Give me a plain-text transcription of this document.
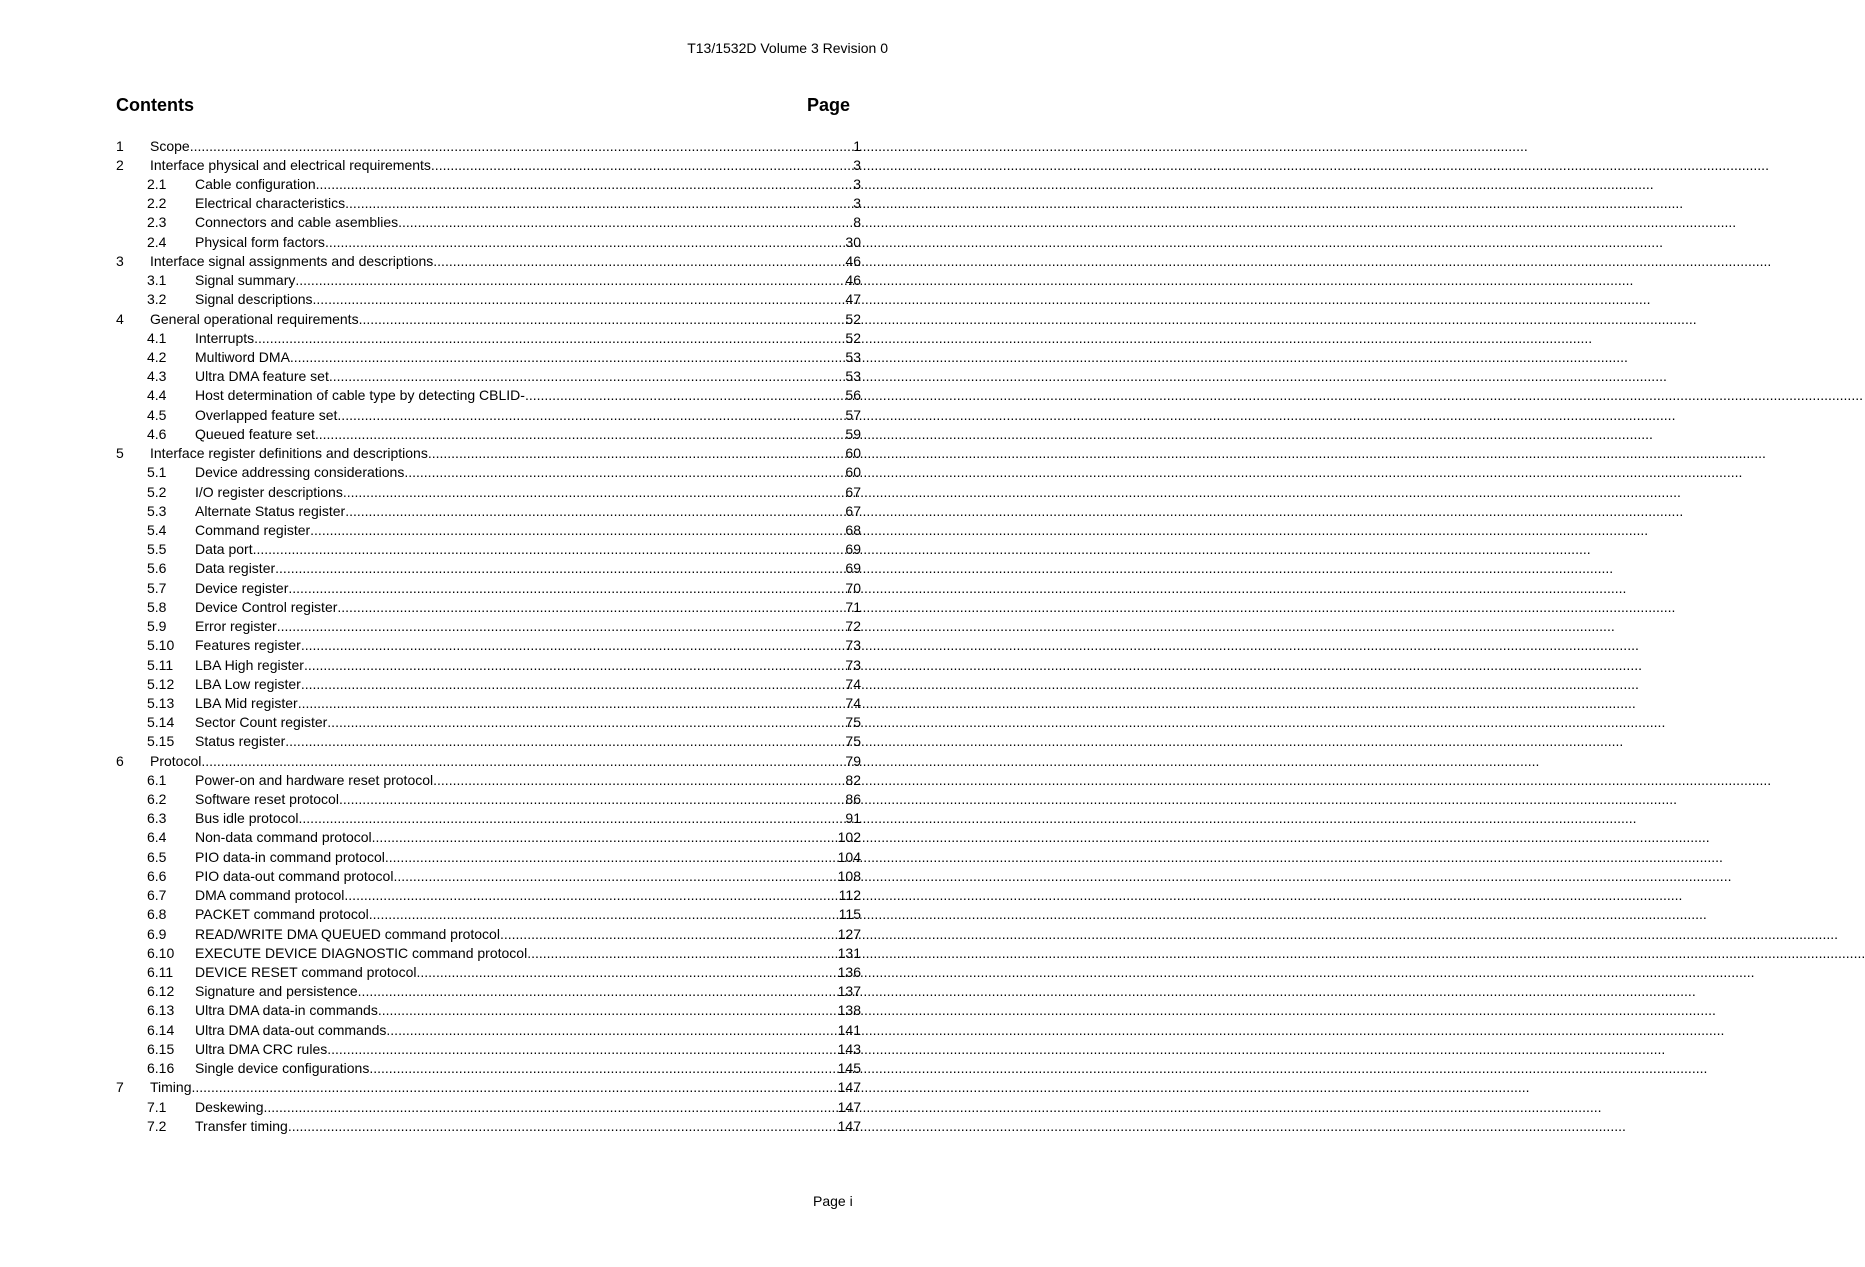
T13/1532D Volume 3 Revision 0
Contents	Page
1	Scope .....	1
2	Interface physical and electrical requirements .....	3
2.1	Cable configuration .....	3
2.2	Electrical characteristics .....	3
2.3	Connectors and cable asemblies .....	8
2.4	Physical form factors .....	30
3	Interface signal assignments and descriptions .....	46
3.1	Signal summary .....	46
3.2	Signal descriptions .....	47
4	General operational requirements .....	52
4.1	Interrupts .....	52
4.2	Multiword DMA .....	53
4.3	Ultra DMA feature set .....	53
4.4	Host determination of cable type by detecting CBLID- .....	56
4.5	Overlapped feature set .....	57
4.6	Queued feature set .....	59
5	Interface register definitions and descriptions .....	60
5.1	Device addressing considerations .....	60
5.2	I/O register descriptions .....	67
5.3	Alternate Status register .....	67
5.4	Command register .....	68
5.5	Data port .....	69
5.6	Data register .....	69
5.7	Device register .....	70
5.8	Device Control register .....	71
5.9	Error register .....	72
5.10	Features register .....	73
5.11	LBA High register .....	73
5.12	LBA Low register .....	74
5.13	LBA Mid register .....	74
5.14	Sector Count register .....	75
5.15	Status register .....	75
6	Protocol .....	79
6.1	Power-on and hardware reset protocol .....	82
6.2	Software reset protocol .....	86
6.3	Bus idle protocol .....	91
6.4	Non-data command protocol .....	102
6.5	PIO data-in command protocol .....	104
6.6	PIO data-out command protocol .....	108
6.7	DMA command protocol .....	112
6.8	PACKET command protocol .....	115
6.9	READ/WRITE DMA QUEUED command protocol .....	127
6.10	EXECUTE DEVICE DIAGNOSTIC command protocol .....	131
6.11	DEVICE RESET command protocol .....	136
6.12	Signature and persistence .....	137
6.13	Ultra DMA data-in commands .....	138
6.14	Ultra DMA data-out commands .....	141
6.15	Ultra DMA CRC rules .....	143
6.16	Single device configurations .....	145
7	Timing .....	147
7.1	Deskewing .....	147
7.2	Transfer timing .....	147
Page i
